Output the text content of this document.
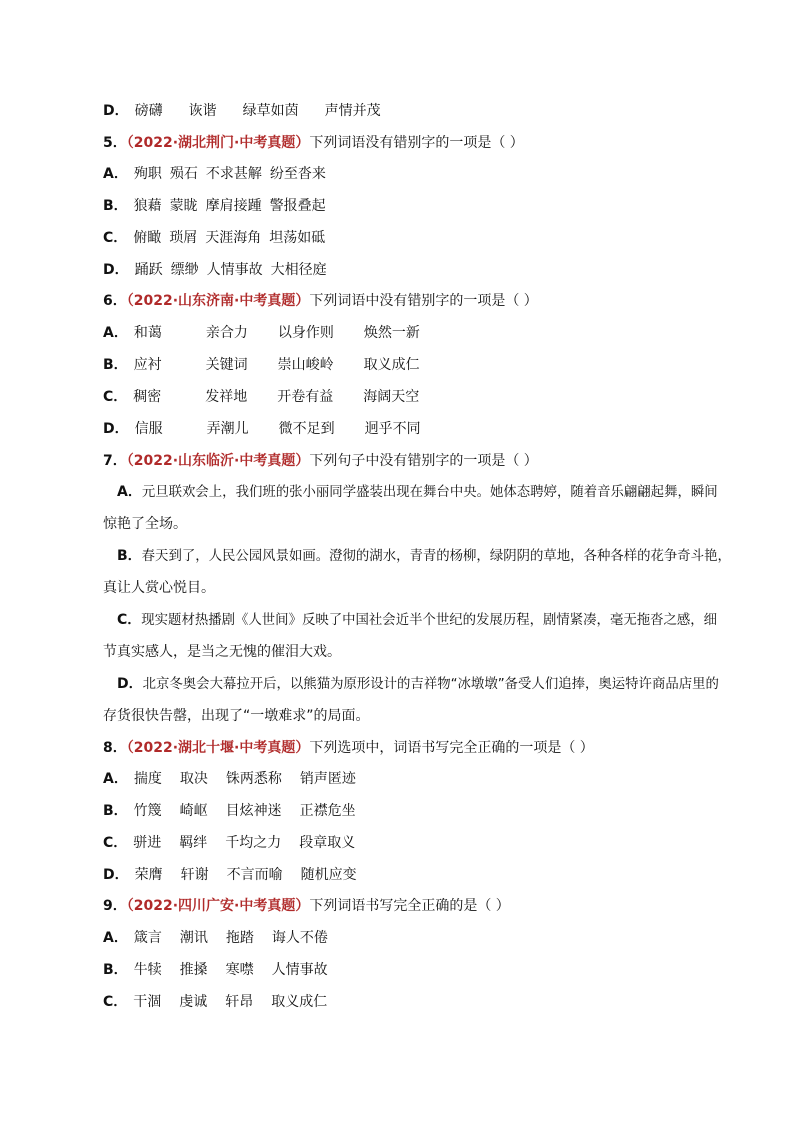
D． 磅礴 诙谐 绿草如茵 声情并茂
5．（2022·湖北荆门·中考真题）下列词语没有错别字的一项是（ ）
A． 殉职 殒石 不求甚解 纷至沓来
B． 狼藉 蒙眬 摩肩接踵 警报叠起
C． 俯瞰 琐屑 天涯海角 坦荡如砥
D． 踊跃 缥缈 人情事故 大相径庭
6．（2022·山东济南·中考真题）下列词语中没有错别字的一项是（ ）
A． 和蔼	亲合力 以身作则 焕然一新
B． 应衬	关键词 崇山峻岭 取义成仁
C． 稠密	发祥地 开卷有益 海阔天空
D． 信服	弄潮儿 微不足到 迥乎不同
7．（2022·山东临沂·中考真题）下列句子中没有错别字的一项是（ ）
A．元旦联欢会上，我们班的张小丽同学盛装出现在舞台中央。她体态聘婷，随着音乐翩翩起舞，瞬间
惊艳了全场。
B．春天到了，人民公园风景如画。澄彻的湖水，青青的杨柳，绿阴阴的草地，各种各样的花争奇斗艳，
真让人赏心悦目。
C．现实题材热播剧《人世间》反映了中国社会近半个世纪的发展历程，剧情紧凑，毫无拖沓之感，细
节真实感人，是当之无愧的催泪大戏。
D．北京冬奥会大幕拉开后，以熊猫为原形设计的吉祥物“冰墩墩”备受人们追捧，奥运特许商品店里的
存货很快告罄，出现了“一墩难求”的局面。
8．（2022·湖北十堰·中考真题）下列选项中，词语书写完全正确的一项是（ ）
A． 揣度 取决 铢两悉称 销声匿迹
B． 竹篾 崎岖 目炫神迷 正襟危坐
C． 骈进 羁绊 千均之力 段章取义
D． 荣膺 轩谢 不言而喻 随机应变
9．（2022·四川广安·中考真题）下列词语书写完全正确的是（ ）
A． 箴言 潮讯 拖踏 诲人不倦
B． 牛犊 推搡 寒噤 人情事故
C． 干涸 虔诚 轩昂 取义成仁
